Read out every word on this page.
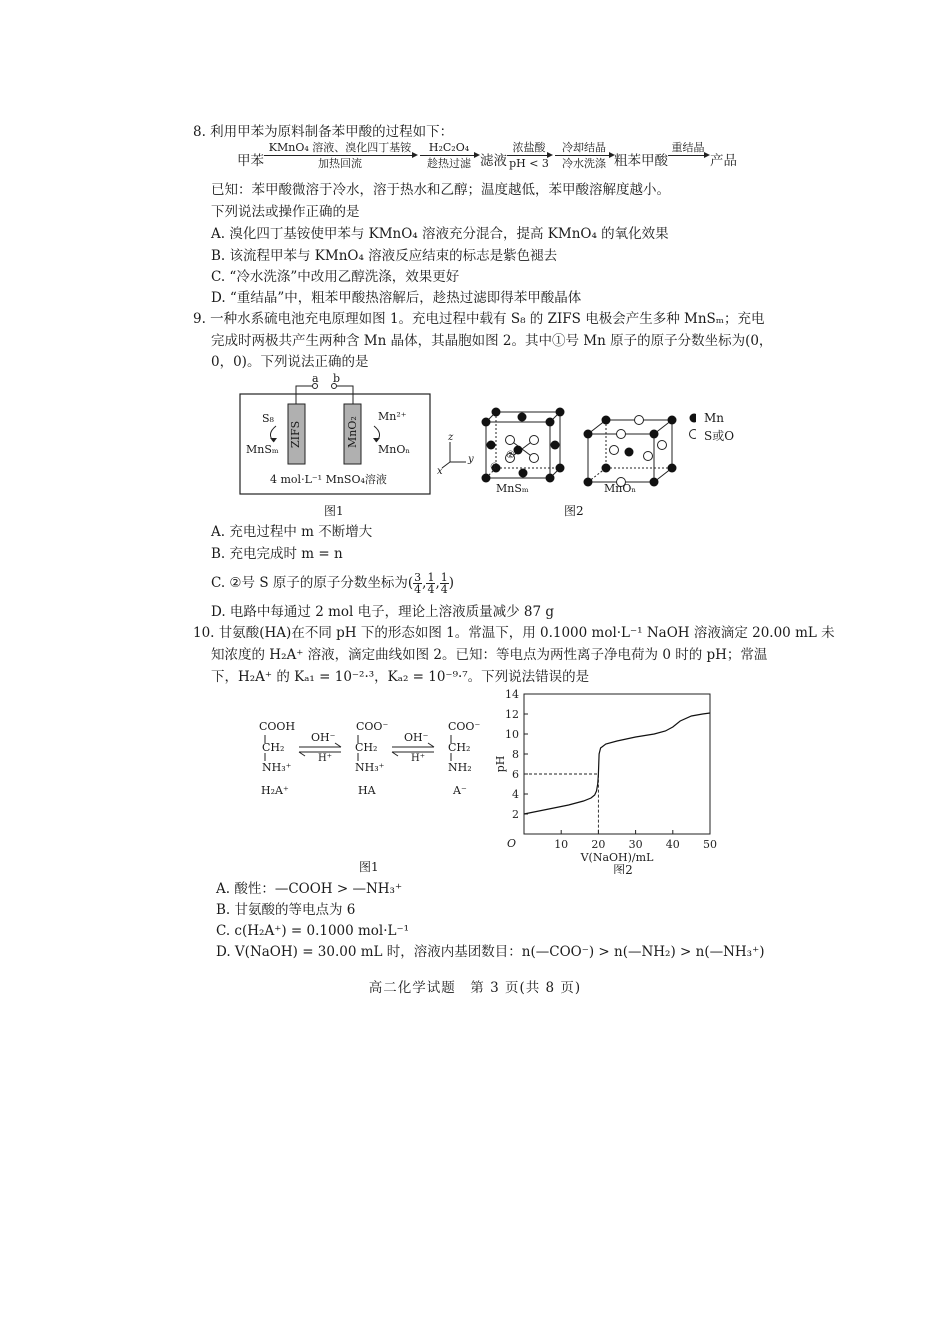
8. 利用甲苯为原料制备苯甲酸的过程如下：
甲苯
KMnO₄ 溶液、溴化四丁基铵
加热回流
H₂C₂O₄
趁热过滤 滤液
浓盐酸
pH < 3
冷却结晶
冷水洗涤 粗苯甲酸
重结晶
产品
已知：苯甲酸微溶于冷水，溶于热水和乙醇；温度越低，苯甲酸溶解度越小。
下列说法或操作正确的是
A. 溴化四丁基铵使甲苯与 KMnO₄ 溶液充分混合，提高 KMnO₄ 的氧化效果
B. 该流程甲苯与 KMnO₄ 溶液反应结束的标志是紫色褪去
C. “冷水洗涤”中改用乙醇洗涤，效果更好
D. “重结晶”中，粗苯甲酸热溶解后，趁热过滤即得苯甲酸晶体
9. 一种水系硫电池充电原理如图 1。充电过程中载有 S₈ 的 ZIFS 电极会产生多种 MnSₘ；充电
完成时两极共产生两种含 Mn 晶体，其晶胞如图 2。其中①号 Mn 原子的原子分数坐标为(0，
0，0)。下列说法正确的是
a b
S₈
MnSₘ
ZIFS	MnO₂ Mn²⁺
MnOₙ
4 mol·L⁻¹ MnSO₄溶液
图1
z
y
x	①
②
MnSₘ	MnOₙ
Mn
S或O
图2
A. 充电过程中 m 不断增大
B. 充电完成时 m = n
C. ②号 S 原子的原子分数坐标为( $\frac{3}{4}$ , $\frac{1}{4}$ , $\frac{1}{4}$ )
D. 电路中每通过 2 mol 电子，理论上溶液质量减少 87 g
10. 甘氨酸(HA)在不同 pH 下的形态如图 1。常温下，用 0.1000 mol·L⁻¹ NaOH 溶液滴定 20.00 mL 未
知浓度的 H₂A⁺ 溶液，滴定曲线如图 2。已知：等电点为两性离子净电荷为 0 时的 pH；常温
下，H₂A⁺ 的 Kₐ₁ = 10⁻²·³，Kₐ₂ = 10⁻⁹·⁷。下列说法错误的是
COOH
CH₂
NH₃⁺
COO⁻
CH₂
NH₃⁺
COO⁻
CH₂
NH₂
OH⁻
H⁺
OH⁻
H⁺
H₂A⁺	HA	A⁻
图1
10 20 30 40 50
2
4
6
8
10
12
14
O
V(NaOH)/mL
pH
图2
A. 酸性：—COOH > —NH₃⁺
B. 甘氨酸的等电点为 6
C. c(H₂A⁺) = 0.1000 mol·L⁻¹
D. V(NaOH) = 30.00 mL 时，溶液内基团数目：n(—COO⁻) > n(—NH₂) > n(—NH₃⁺)
高二化学试题　第 3 页(共 8 页)
